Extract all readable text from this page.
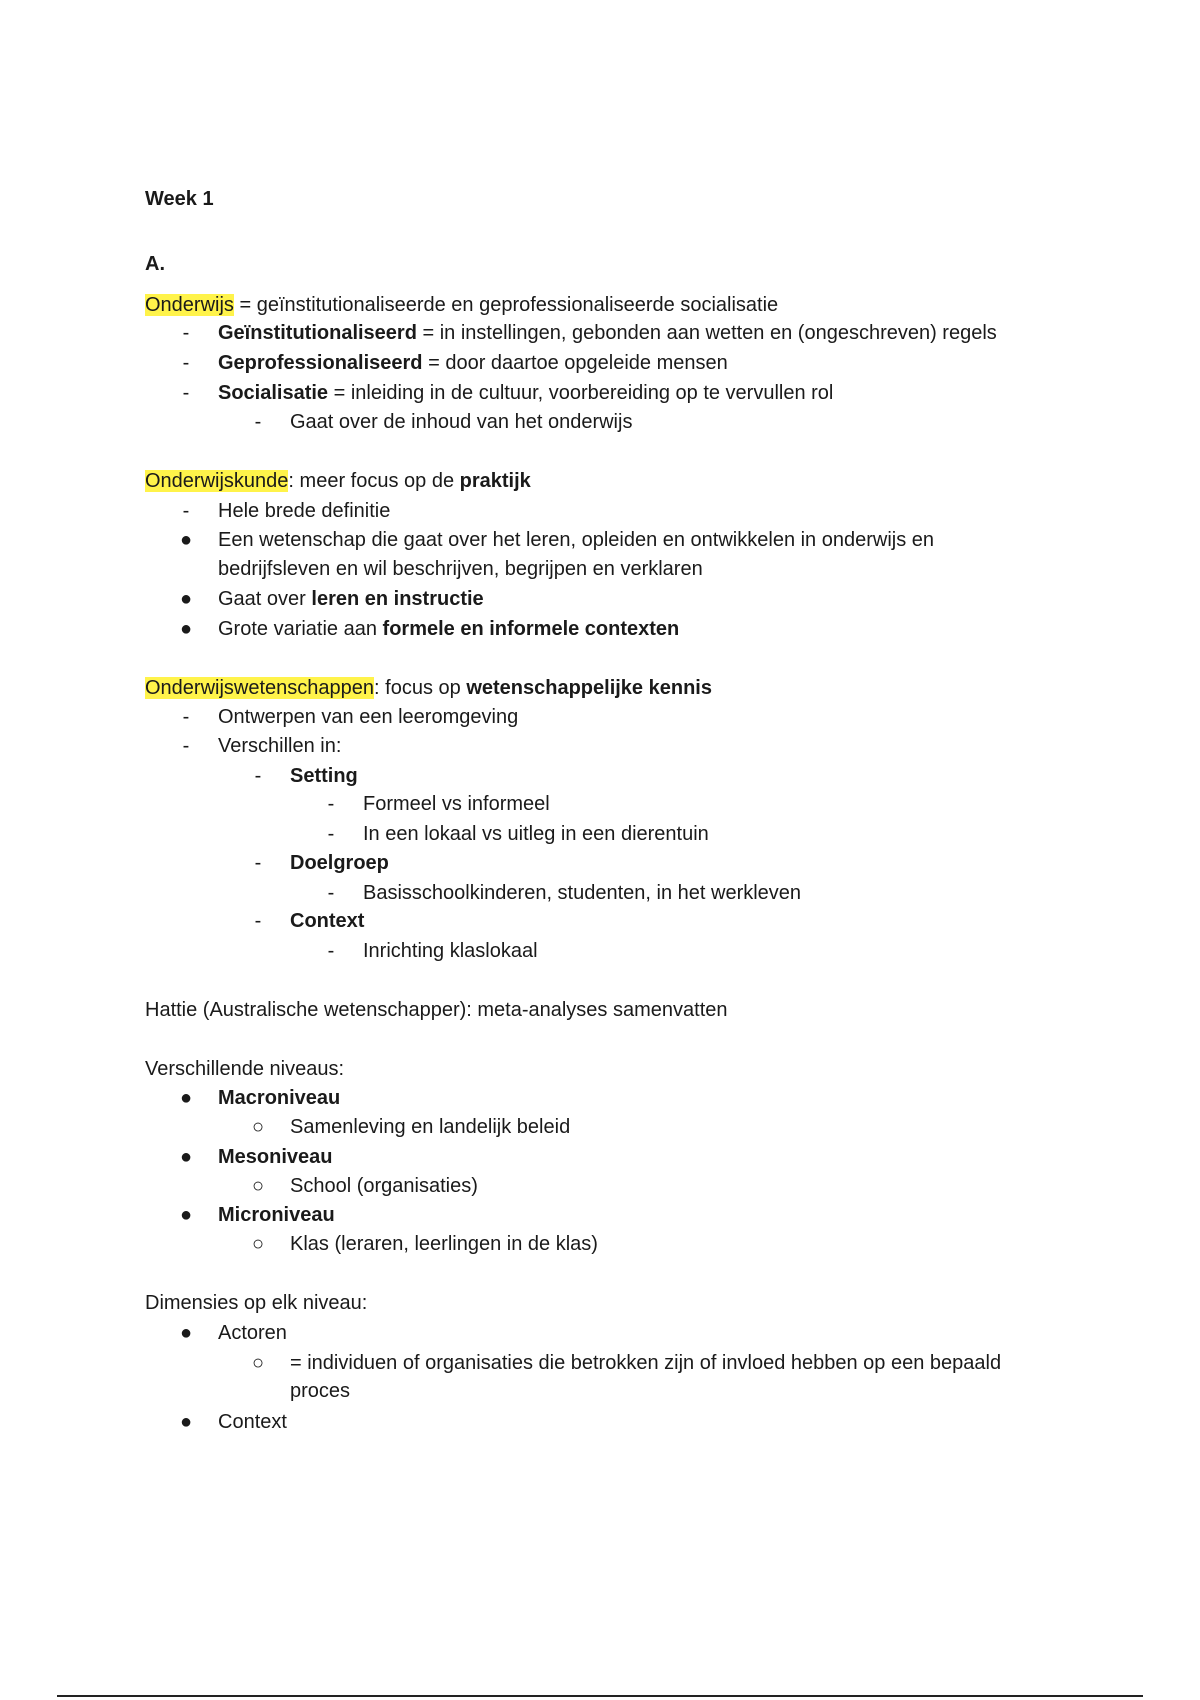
Week 1
A.
Onderwijs = geïnstitutionaliseerde en geprofessionaliseerde socialisatie
-	Geïnstitutionaliseerd = in instellingen, gebonden aan wetten en (ongeschreven) regels
-	Geprofessionaliseerd = door daartoe opgeleide mensen
-	Socialisatie = inleiding in de cultuur, voorbereiding op te vervullen rol
-	Gaat over de inhoud van het onderwijs
Onderwijskunde: meer focus op de praktijk
-	Hele brede definitie
● Een wetenschap die gaat over het leren, opleiden en ontwikkelen in onderwijs en
bedrijfsleven en wil beschrijven, begrijpen en verklaren
● Gaat over leren en instructie
● Grote variatie aan formele en informele contexten
Onderwijswetenschappen: focus op wetenschappelijke kennis
-	Ontwerpen van een leeromgeving
-	Verschillen in:
-	Setting
-	Formeel vs informeel
-	In een lokaal vs uitleg in een dierentuin
-	Doelgroep
-	Basisschoolkinderen, studenten, in het werkleven
-	Context
-	Inrichting klaslokaal
Hattie (Australische wetenschapper): meta-analyses samenvatten
Verschillende niveaus:
● Macroniveau
○ Samenleving en landelijk beleid
● Mesoniveau
○ School (organisaties)
● Microniveau
○ Klas (leraren, leerlingen in de klas)
Dimensies op elk niveau:
● Actoren
○ = individuen of organisaties die betrokken zijn of invloed hebben op een bepaald
proces
● Context
